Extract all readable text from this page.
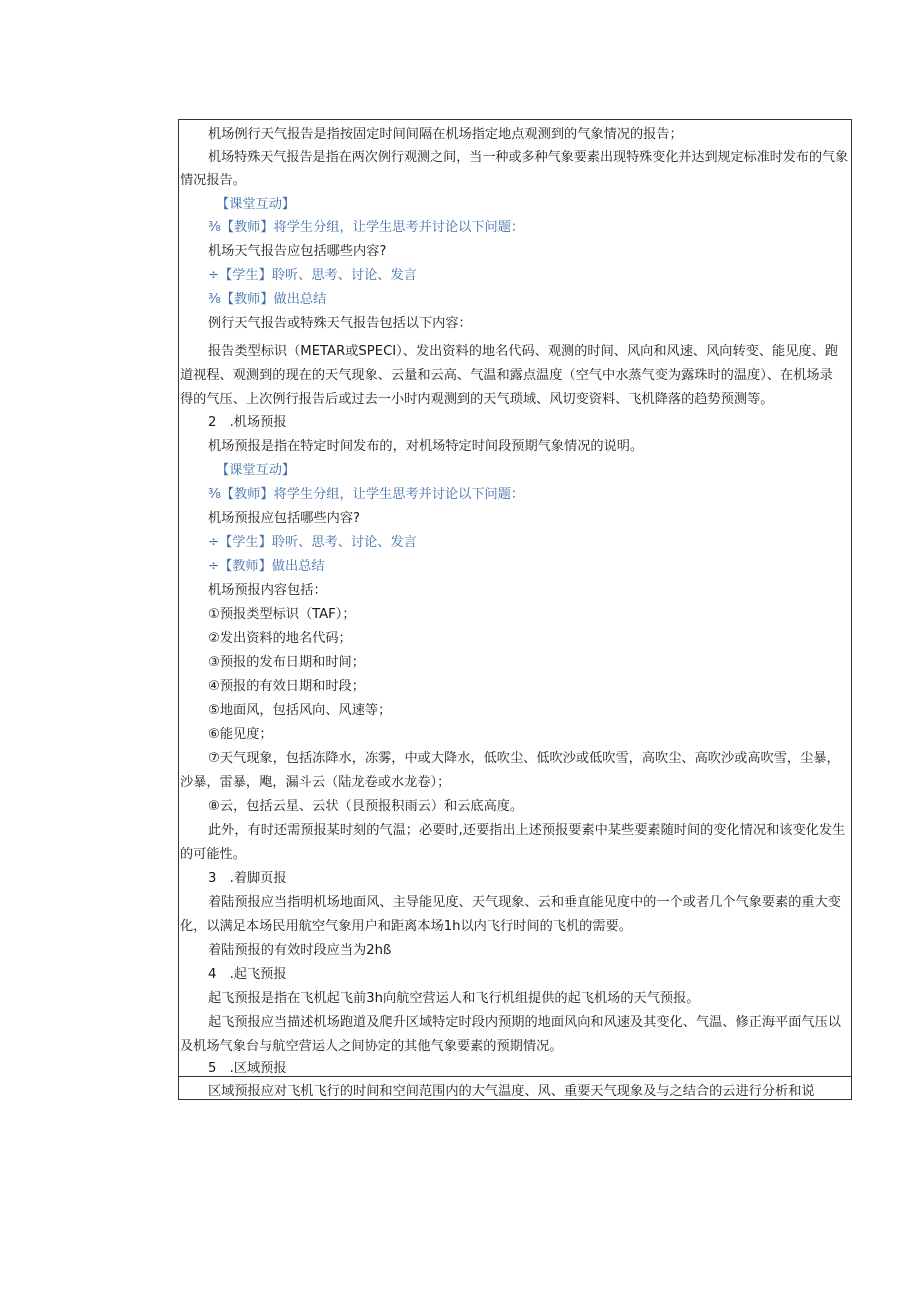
机场例行天气报告是指按固定时间间隔在机场指定地点观测到的气象情况的报告；
机场特殊天气报告是指在两次例行观测之间，当一种或多种气象要素出现特殊变化并达到规定标准时发布的气象
情况报告。
【课堂互动】
⅜【教师】将学生分组，让学生思考并讨论以下问题：
机场天气报告应包括哪些内容?
÷【学生】聆听、思考、讨论、发言
⅜【教师】做出总结
例行天气报告或特殊天气报告包括以下内容：
报告类型标识（METAR或SPECI）、发出资料的地名代码、观测的时间、风向和风速、风向转变、能见度、跑
道视程、观测到的现在的天气现象、云量和云高、气温和露点温度（空气中水蒸气变为露珠时的温度）、在机场录
得的气压、上次例行报告后或过去一小时内观测到的天气琐域、风切变资料、飞机降落的趋势预测等。
2　.机场预报
机场预报是指在特定时间发布的，对机场特定时间段预期气象情况的说明。
【课堂互动】
⅜【教师】将学生分组，让学生思考并讨论以下问题：
机场预报应包括哪些内容?
÷【学生】聆听、思考、讨论、发言
÷【教师】做出总结
机场预报内容包括：
①预报类型标识（TAF）；
②发出资料的地名代码；
③预报的发布日期和时间；
④预报的有效日期和时段；
⑤地面风，包括风向、风速等；
⑥能见度；
⑦天气现象，包括冻降水，冻雾，中或大降水，低吹尘、低吹沙或低吹雪，高吹尘、高吹沙或高吹雪，尘暴，
沙暴，雷暴，飑，漏斗云（陆龙卷或水龙卷）；
⑧云，包括云星、云状（艮预报积雨云）和云底高度。
此外，有时还需预报某时刻的气温；必要时,还要指出上述预报要素中某些要素随时间的变化情况和该变化发生
的可能性。
3　.着脚页报
着陆预报应当指明机场地面风、主导能见度、天气现象、云和垂直能见度中的一个或者几个气象要素的重大变
化，以满足本场民用航空气象用户和距离本场1h以内飞行时间的飞机的需要。
着陆预报的有效时段应当为2hß
4　.起飞预报
起飞预报是指在飞机起飞前3h向航空营运人和飞行机组提供的起飞机场的天气预报。
起飞预报应当描述机场跑道及爬升区域特定时段内预期的地面风向和风速及其变化、气温、修正海平面气压以
及机场气象台与航空营运人之间协定的其他气象要素的预期情况。
5　.区域预报
区域预报应对飞机飞行的时间和空间范围内的大气温度、风、重要天气现象及与之结合的云进行分析和说
